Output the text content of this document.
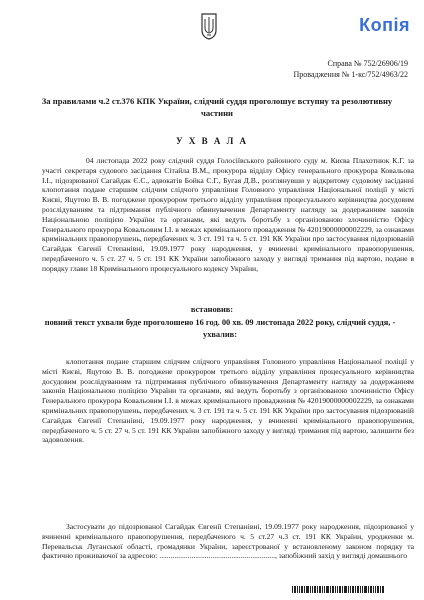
Копія
Справа № 752/26906/19
Провадження № 1-кс/752/4963/22
За правилами ч.2 ст.376 КПК України, слідчий суддя проголошує вступну та резолютивну частини
У Х В А Л А
04 листопада 2022 року слідчий суддя Голосіївського районного суду м. Києва Плахотнюк К.Г. за участі секретаря судового засідання Сітайла В.М., прокурора відділу Офісу генерального прокурора Ковальова І.І., підозрюваної Сагайдак Є.С., адвокатів Бойка С.Г., Бугая Д.В., розглянувши у відкритому судовому засіданні клопотання подане старшим слідчим слідчого управління Головного управління Національної поліції у місті Києві, Яцутою В. В. погоджене прокурором третього відділу управління процесуального керівництва досудовим розслідуванням та підтримання публічного обвинувачення Департаменту нагляду за додержанням законів Національною поліцією України та органами, які ведуть боротьбу з організованою злочинністю Офісу Генерального прокурора Ковальовим І.І. в межах кримінального провадження № 42019000000002229, за ознаками кримінальних правопорушень, передбачених ч. 3 ст. 191 та ч. 5 ст. 191 КК України про застосування підозрюваній Сагайдак Євгенії Степанівні, 19.09.1977 року народження, у вчиненні кримінального правопорушення, передбаченого ч. 5 ст. 27 ч. 5 ст. 191 КК України запобіжного заходу у вигляді тримання під вартою, подане в порядку глави 18 Кримінального процесуального кодексу України,
встановив:
повний текст ухвали буде проголошено 16 год. 00 хв. 09 листопада 2022 року, слідчий суддя, -
ухвалив:
клопотання подане старшим слідчим слідчого управління Головного управління Національної поліції у місті Києві, Яцутою В. В. погоджене прокурором третього відділу управління процесуального керівництва досудовим розслідуванням та підтримання публічного обвинувачення Департаменту нагляду за додержанням законів Національною поліцією України та органами, які ведуть боротьбу з організованою злочинністю Офісу Генерального прокурора Ковальовим І.І. в межах кримінального провадження № 42019000000002229, за ознаками кримінальних правопорушень, передбачених ч. 3 ст. 191 та ч. 5 ст. 191 КК України про застосування підозрюваній Сагайдак Євгенії Степанівні, 19.09.1977 року народження, у вчиненні кримінального правопорушення, передбаченого ч. 5 ст. 27 ч. 5 ст. 191 КК України запобіжного заходу у вигляді тримання під вартою, залишити без задоволення.
Застосувати до підозрюваної Сагайдак Євгенії Степанівні, 19.09.1977 року народження, підозрюваної у вчиненні кримінального правопорушення, передбаченого ч. 5 ст.27 ч.3 ст. 191 КК України, уродженки м. Перевальськ Луганської області, громадянки України, зареєстрованої у встановленому законом порядку та фактично проживаючої за адресою: ............................................................., запобіжний захід у вигляді домашнього
